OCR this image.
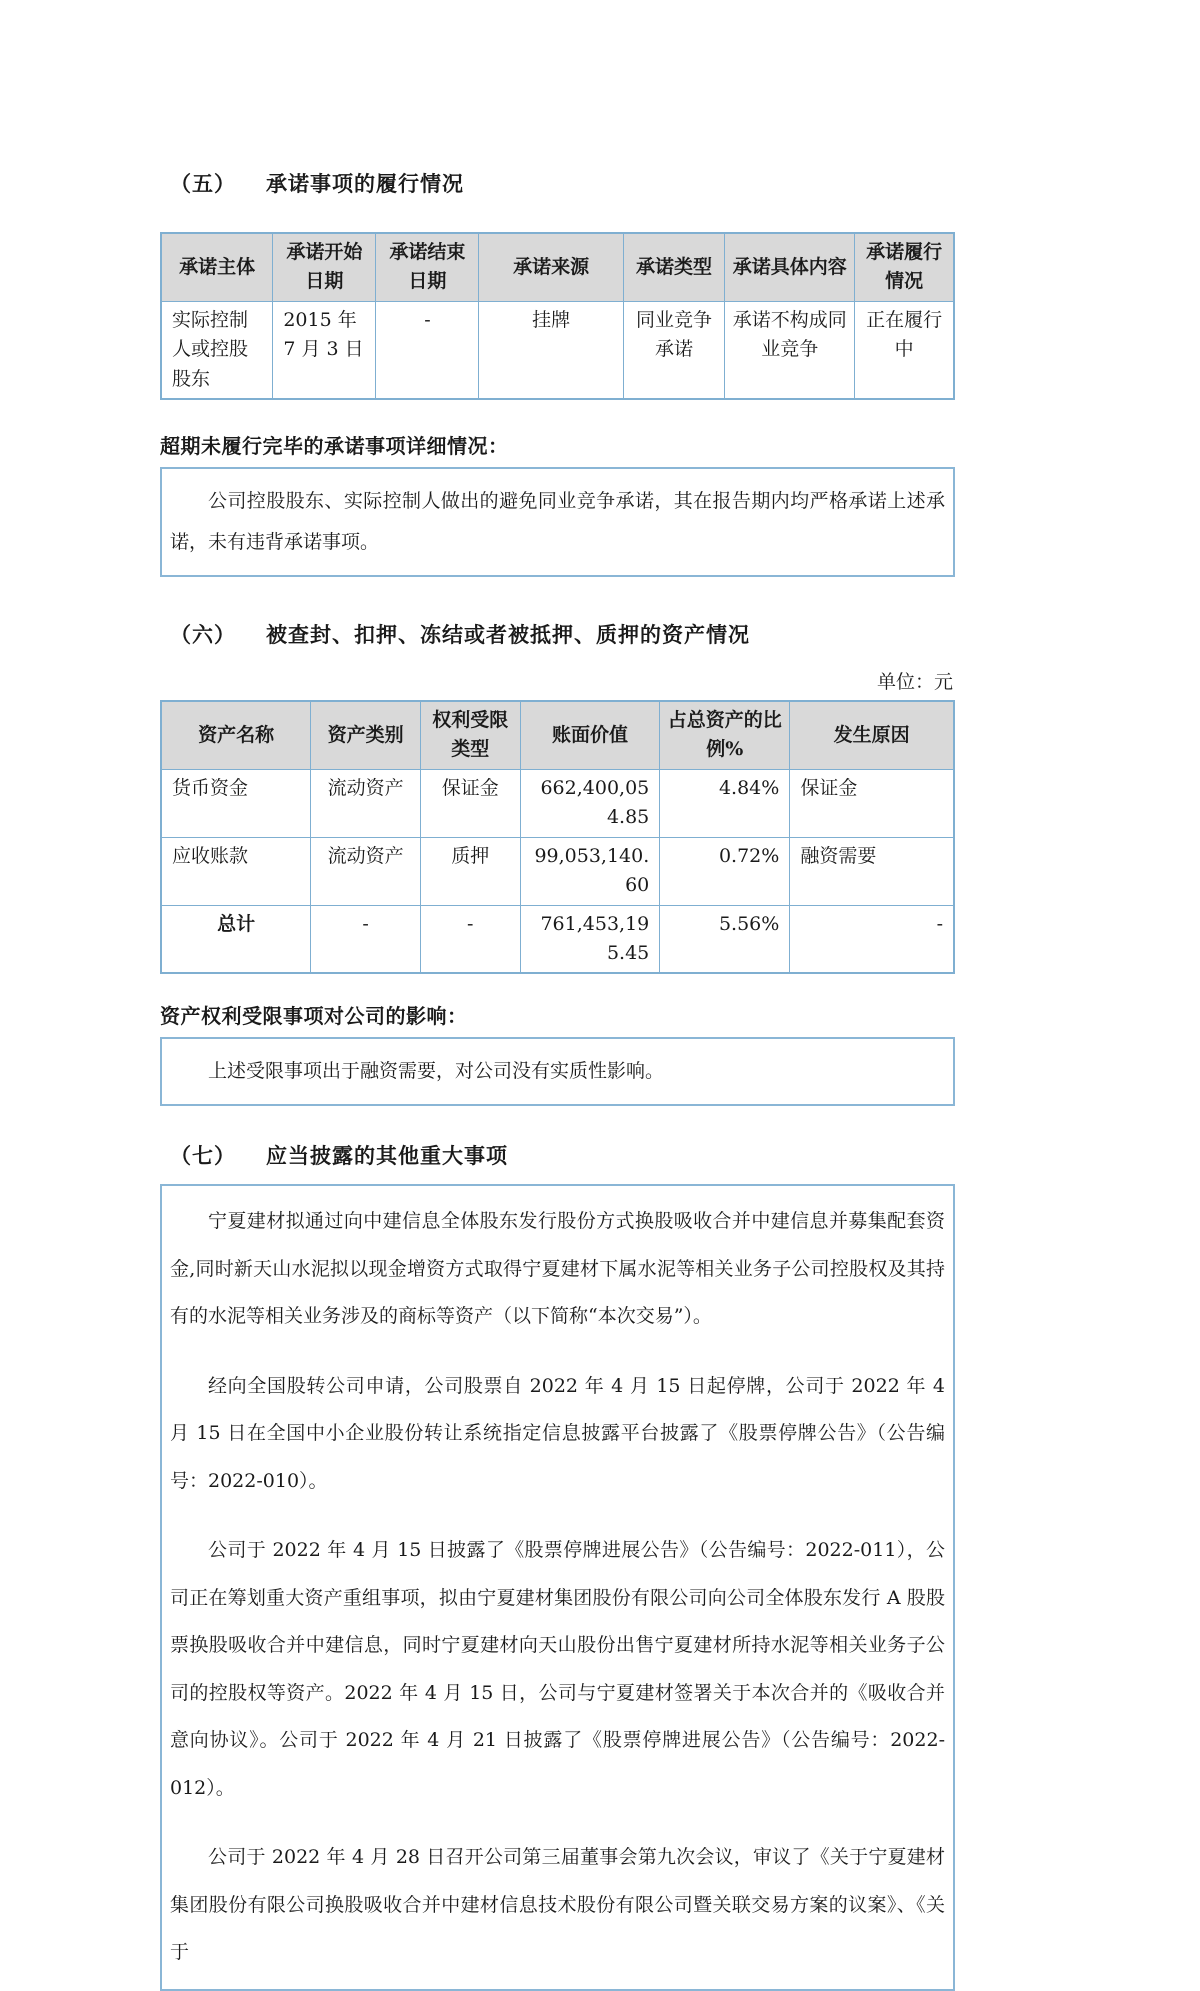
（五） 承诺事项的履行情况
承诺主体	承诺开始日期	承诺结束日期	承诺来源	承诺类型	承诺具体内容	承诺履行情况
实际控制人或控股股东	2015 年 7 月 3 日	-	挂牌	同业竞争承诺	承诺不构成同业竞争	正在履行中
超期未履行完毕的承诺事项详细情况：

公司控股股东、实际控制人做出的避免同业竞争承诺，其在报告期内均严格承诺上述承诺，未有违背承诺事项。

（六） 被查封、扣押、冻结或者被抵押、质押的资产情况
单位：元
资产名称	资产类别	权利受限类型	账面价值	占总资产的比例%	发生原因
货币资金	流动资产	保证金	662,400,054.85	4.84%	保证金
应收账款	流动资产	质押	99,053,140.60	0.72%	融资需要
总计	-	-	761,453,195.45	5.56%	-
资产权利受限事项对公司的影响：

上述受限事项出于融资需要，对公司没有实质性影响。

（七） 应当披露的其他重大事项

宁夏建材拟通过向中建信息全体股东发行股份方式换股吸收合并中建信息并募集配套资金,同时新天山水泥拟以现金增资方式取得宁夏建材下属水泥等相关业务子公司控股权及其持有的水泥等相关业务涉及的商标等资产（以下简称“本次交易”）。

经向全国股转公司申请，公司股票自 2022 年 4 月 15 日起停牌，公司于 2022 年 4 月 15 日在全国中小企业股份转让系统指定信息披露平台披露了《股票停牌公告》（公告编号：2022-010）。

公司于 2022 年 4 月 15 日披露了《股票停牌进展公告》（公告编号：2022-011），公司正在筹划重大资产重组事项，拟由宁夏建材集团股份有限公司向公司全体股东发行 A 股股票换股吸收合并中建信息，同时宁夏建材向天山股份出售宁夏建材所持水泥等相关业务子公司的控股权等资产。2022 年 4 月 15 日，公司与宁夏建材签署关于本次合并的《吸收合并意向协议》。公司于 2022 年 4 月 21 日披露了《股票停牌进展公告》（公告编号：2022-012）。

公司于 2022 年 4 月 28 日召开公司第三届董事会第九次会议，审议了《关于宁夏建材集团股份有限公司换股吸收合并中建材信息技术股份有限公司暨关联交易方案的议案》、《关于
